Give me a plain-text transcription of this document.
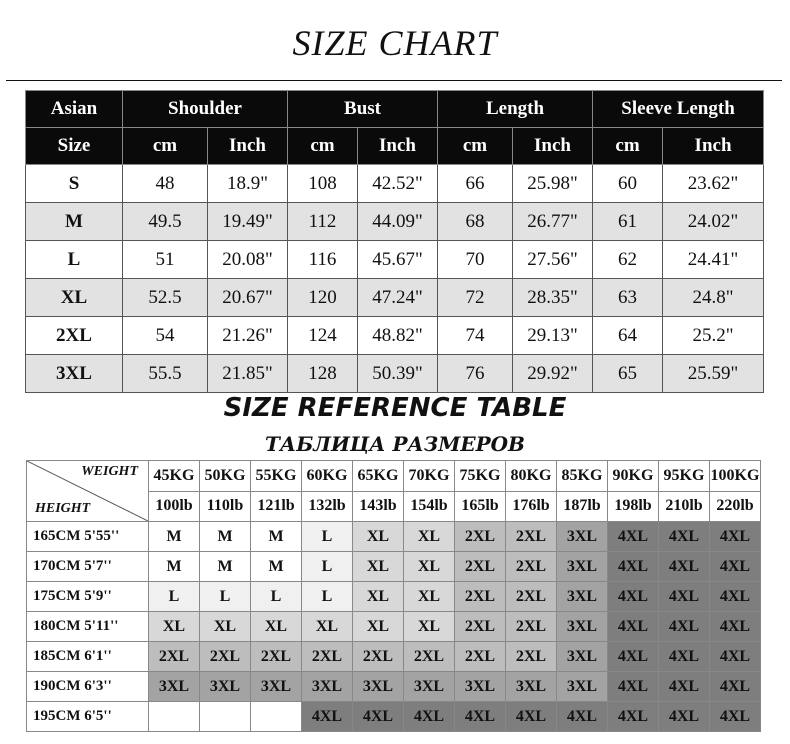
SIZE CHART
Asian	Shoulder		Bust		Length		Sleeve Length	
Size	cm	Inch	cm	Inch	cm	Inch	cm	Inch
S	48	18.9"	108	42.52"	66	25.98"	60	23.62"
M	49.5	19.49"	112	44.09"	68	26.77"	61	24.02"
L	51	20.08"	116	45.67"	70	27.56"	62	24.41"
XL	52.5	20.67"	120	47.24"	72	28.35"	63	24.8"
2XL	54	21.26"	124	48.82"	74	29.13"	64	25.2"
3XL	55.5	21.85"	128	50.39"	76	29.92"	65	25.59"
SIZE REFERENCE TABLE
ТАБЛИЦА РАЗМЕРОВ
WEIGHT
HEIGHT	45KG	50KG	55KG	60KG	65KG	70KG	75KG	80KG	85KG	90KG	95KG	100KG
	100lb	110lb	121lb	132lb	143lb	154lb	165lb	176lb	187lb	198lb	210lb	220lb
165CM 5'55''	M	M	M	L	XL	XL	2XL	2XL	3XL	4XL	4XL	4XL
170CM 5'7''	M	M	M	L	XL	XL	2XL	2XL	3XL	4XL	4XL	4XL
175CM 5'9''	L	L	L	L	XL	XL	2XL	2XL	3XL	4XL	4XL	4XL
180CM 5'11''	XL	XL	XL	XL	XL	XL	2XL	2XL	3XL	4XL	4XL	4XL
185CM 6'1''	2XL	2XL	2XL	2XL	2XL	2XL	2XL	2XL	3XL	4XL	4XL	4XL
190CM 6'3''	3XL	3XL	3XL	3XL	3XL	3XL	3XL	3XL	3XL	4XL	4XL	4XL
195CM 6'5''				4XL	4XL	4XL	4XL	4XL	4XL	4XL	4XL	4XL
